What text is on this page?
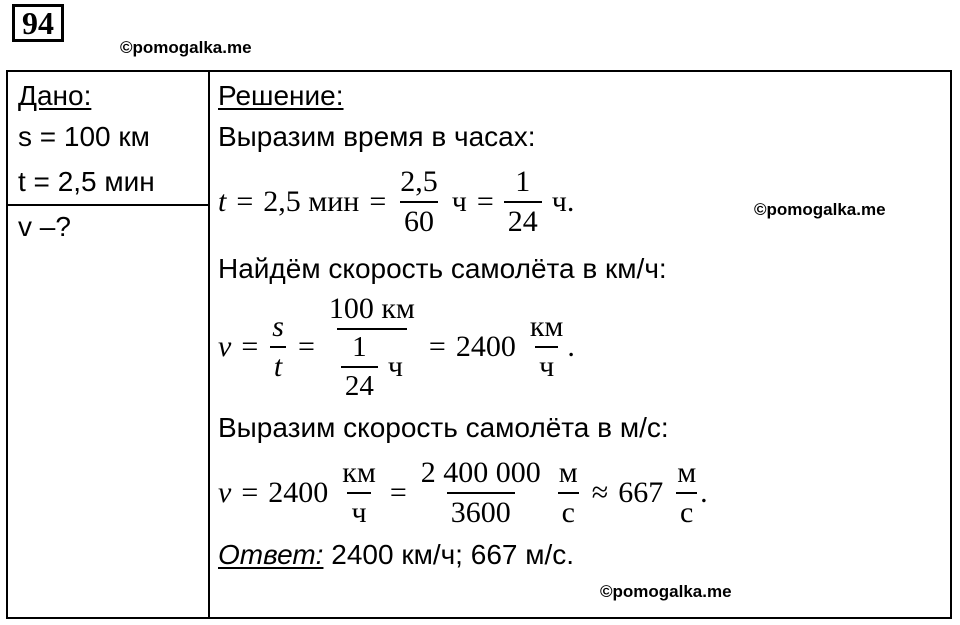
94
©pomogalka.me
©pomogalka.me
©pomogalka.me
Дано:
s = 100 км
t = 2,5 мин
v –?
Решение:
Выразим время в часах:
t = 2,5 мин = $\frac{2,5}{60}$ $ч = \frac{1}{24} ч$.
Найдём скорость самолёта в км/ч:
$v = \frac{s}{t} = \frac{100 км}{\frac{1}{24} ч} = 2400 \frac{км}{ч}$ .
Выразим скорость самолёта в м/с:
$v = 2400 \frac{км}{ч} = \frac{2 400 000}{3600} \frac{м}{с} \approx 667 \frac{м}{с}$ .
Ответ: 2400 км/ч; 667 м/с.
